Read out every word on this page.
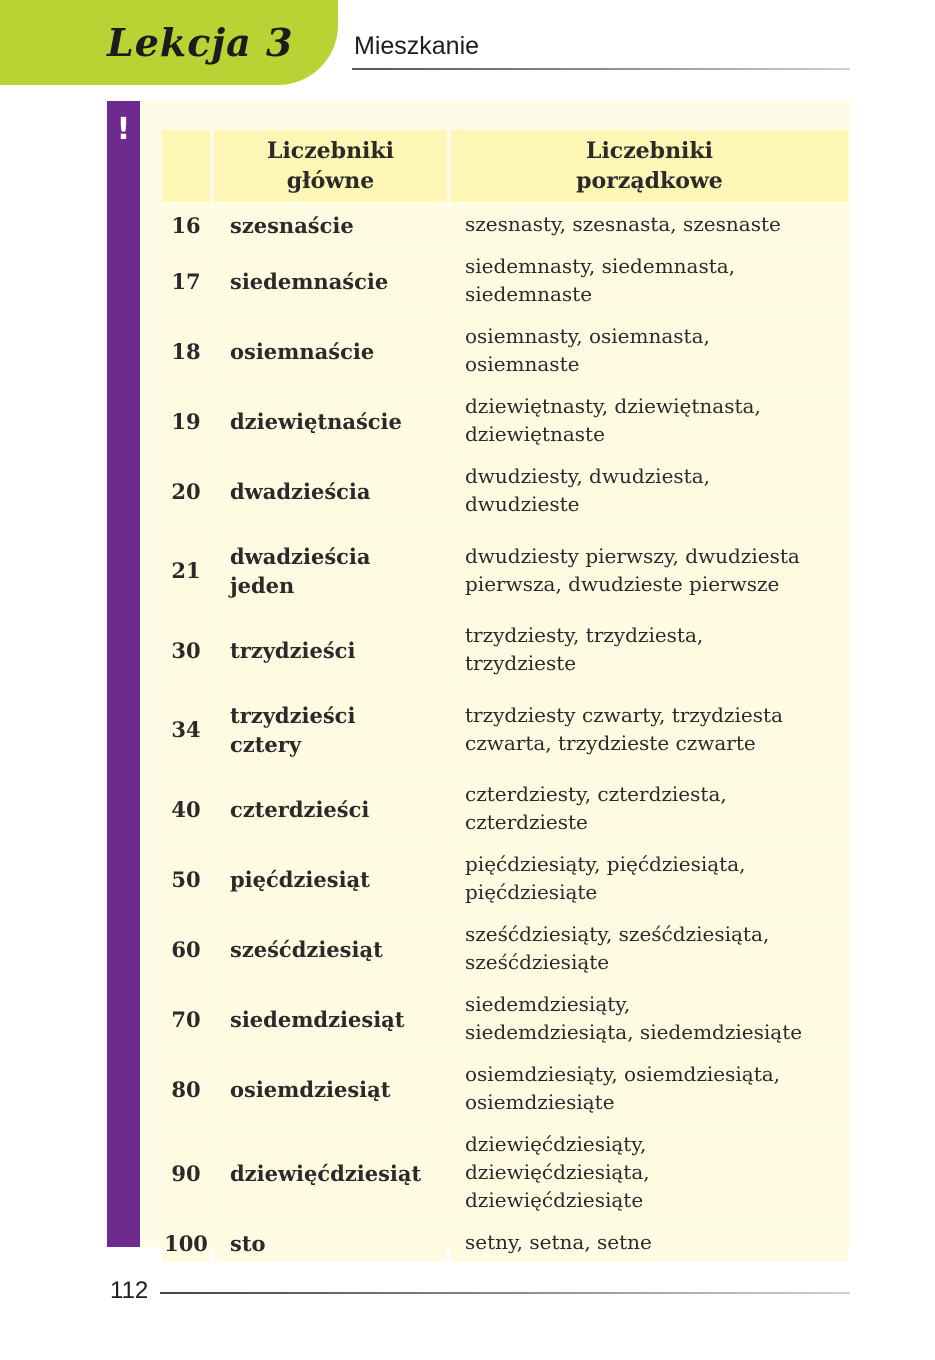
Lekcja 3 Mieszkanie
!
	Liczebniki
główne	Liczebniki
porządkowe
16	szesnaście	szesnasty, szesnasta, szesnaste
17	siedemnaście	siedemnasty, siedemnasta,
siedemnaste
18	osiemnaście	osiemnasty, osiemnasta,
osiemnaste
19	dziewiętnaście	dziewiętnasty, dziewiętnasta,
dziewiętnaste
20	dwadzieścia	dwudziesty, dwudziesta,
dwudzieste
21	dwadzieścia
jeden	dwudziesty pierwszy, dwudziesta
pierwsza, dwudzieste pierwsze
30	trzydzieści	trzydziesty, trzydziesta,
trzydzieste
34	trzydzieści
cztery	trzydziesty czwarty, trzydziesta
czwarta, trzydzieste czwarte
40	czterdzieści	czterdziesty, czterdziesta,
czterdzieste
50	pięćdziesiąt	pięćdziesiąty, pięćdziesiąta,
pięćdziesiąte
60	sześćdziesiąt	sześćdziesiąty, sześćdziesiąta,
sześćdziesiąte
70	siedemdziesiąt	siedemdziesiąty,
siedemdziesiąta, siedemdziesiąte
80	osiemdziesiąt	osiemdziesiąty, osiemdziesiąta,
osiemdziesiąte
90	dziewięćdziesiąt	dziewięćdziesiąty,
dziewięćdziesiąta,
dziewięćdziesiąte
100	sto	setny, setna, setne
112
